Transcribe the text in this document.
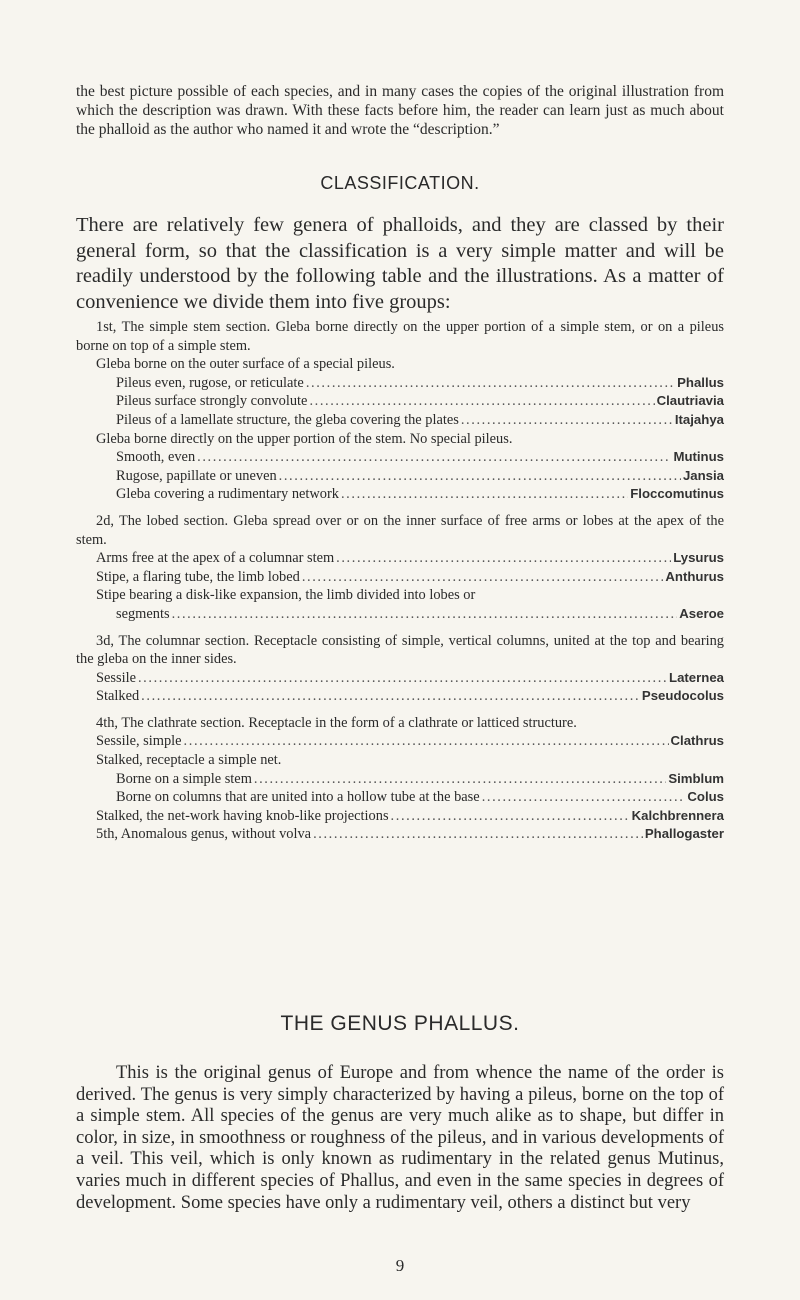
the best picture possible of each species, and in many cases the copies of the original illustration from which the description was drawn. With these facts before him, the reader can learn just as much about the phalloid as the author who named it and wrote the “description.”
CLASSIFICATION.
There are relatively few genera of phalloids, and they are classed by their general form, so that the classification is a very simple matter and will be readily understood by the following table and the illustrations. As a matter of convenience we divide them into five groups:
1st, The simple stem section. Gleba borne directly on the upper portion of a simple stem, or on a pileus borne on top of a simple stem.
Gleba borne on the outer surface of a special pileus.
Pileus even, rugose, or reticulate .....	Phallus
Pileus surface strongly convolute .....	Clautriavia
Pileus of a lamellate structure, the gleba covering the plates .....	Itajahya
Gleba borne directly on the upper portion of the stem. No special pileus.
Smooth, even .....	Mutinus
Rugose, papillate or uneven .....	Jansia
Gleba covering a rudimentary network .....	Floccomutinus
2d, The lobed section. Gleba spread over or on the inner surface of free arms or lobes at the apex of the stem.
Arms free at the apex of a columnar stem .....	Lysurus
Stipe, a flaring tube, the limb lobed .....	Anthurus
Stipe bearing a disk-like expansion, the limb divided into lobes or
segments .....	Aseroe
3d, The columnar section. Receptacle consisting of simple, vertical columns, united at the top and bearing the gleba on the inner sides.
Sessile .....	Laternea
Stalked .....	Pseudocolus
4th, The clathrate section. Receptacle in the form of a clathrate or latticed structure.
Sessile, simple .....	Clathrus
Stalked, receptacle a simple net.
Borne on a simple stem .....	Simblum
Borne on columns that are united into a hollow tube at the base .....	Colus
Stalked, the net-work having knob-like projections .....	Kalchbrennera
5th, Anomalous genus, without volva .....	Phallogaster
THE GENUS PHALLUS.
This is the original genus of Europe and from whence the name of the order is derived. The genus is very simply characterized by having a pileus, borne on the top of a simple stem. All species of the genus are very much alike as to shape, but differ in color, in size, in smoothness or roughness of the pileus, and in various developments of a veil. This veil, which is only known as rudimentary in the related genus Mutinus, varies much in different species of Phallus, and even in the same species in degrees of development. Some species have only a rudimentary veil, others a distinct but very
9
